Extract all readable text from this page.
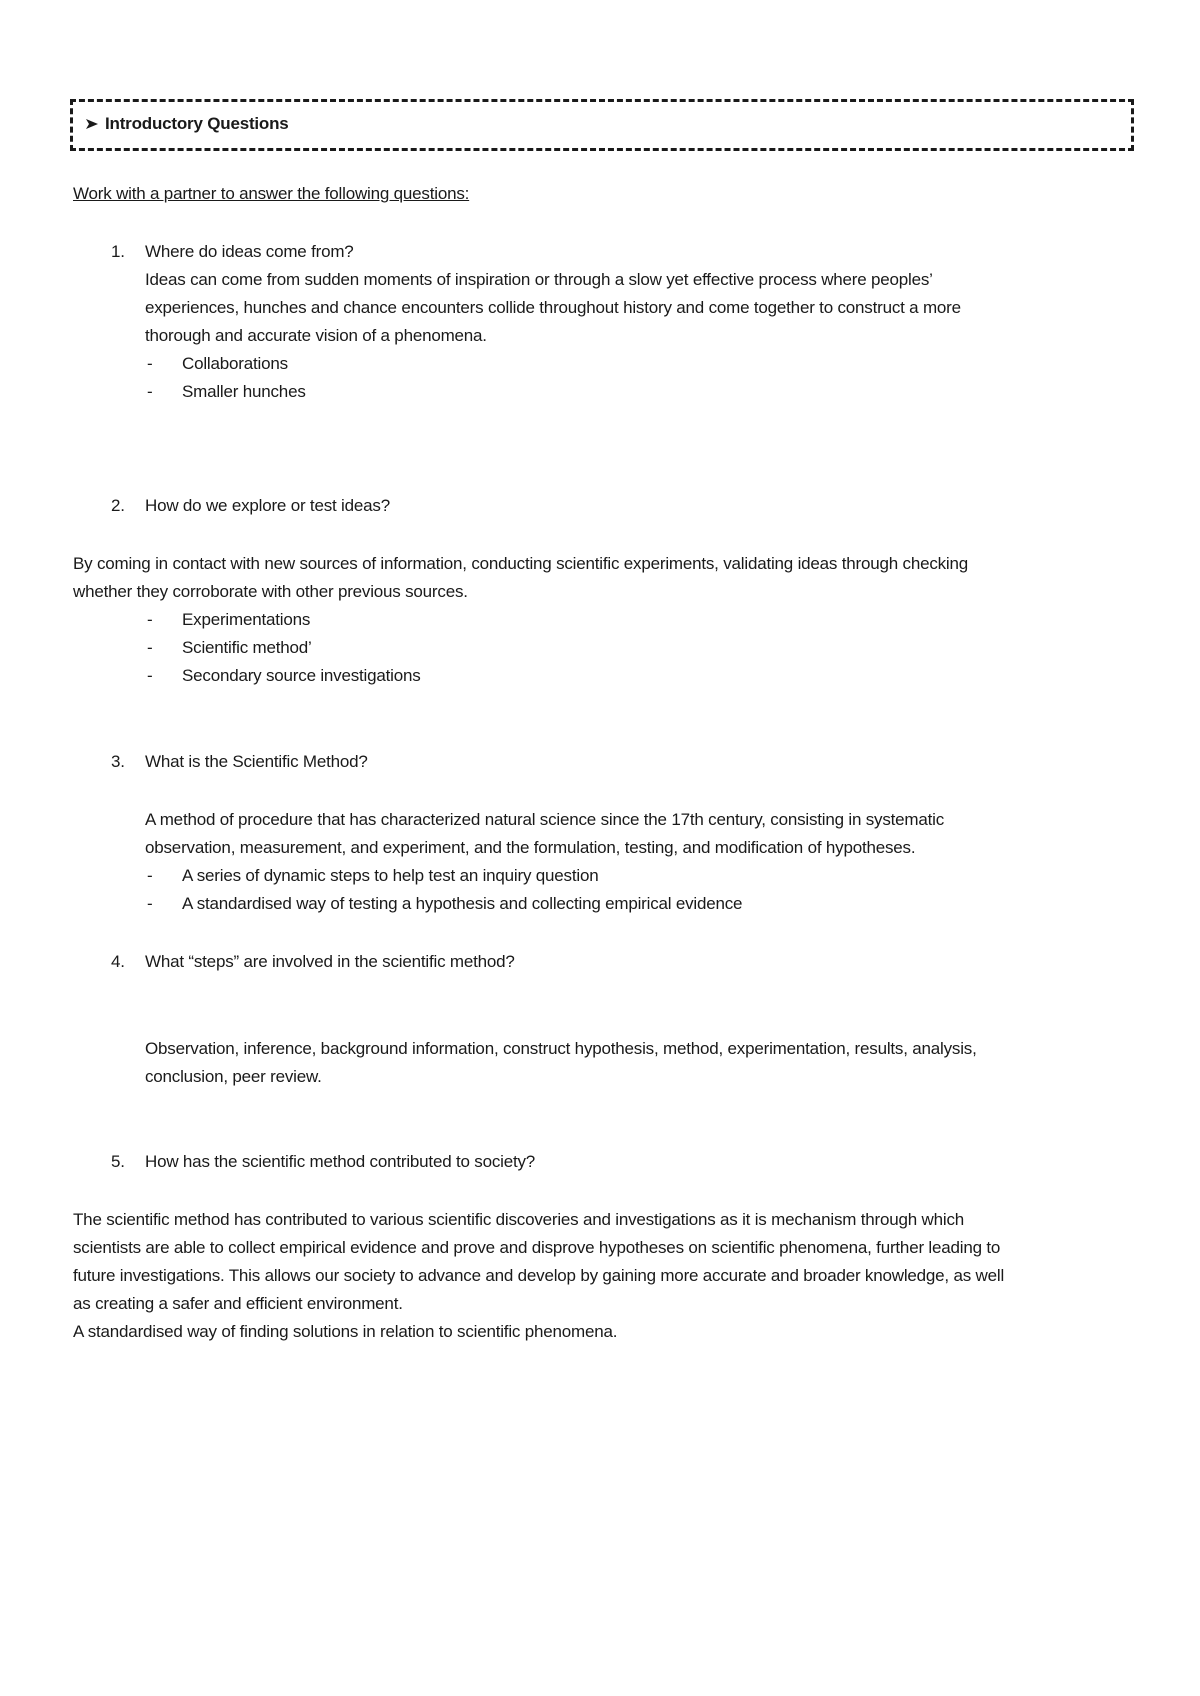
Introductory Questions
Work with a partner to answer the following questions:
1. Where do ideas come from?
Ideas can come from sudden moments of inspiration or through a slow yet effective process where peoples’
experiences, hunches and chance encounters collide throughout history and come together to construct a more
thorough and accurate vision of a phenomena.
- Collaborations
- Smaller hunches
2. How do we explore or test ideas?
By coming in contact with new sources of information, conducting scientific experiments, validating ideas through checking
whether they corroborate with other previous sources.
- Experimentations
- Scientific method’
- Secondary source investigations
3. What is the Scientific Method?
A method of procedure that has characterized natural science since the 17th century, consisting in systematic
observation, measurement, and experiment, and the formulation, testing, and modification of hypotheses.
- A series of dynamic steps to help test an inquiry question
- A standardised way of testing a hypothesis and collecting empirical evidence
4. What “steps” are involved in the scientific method?
Observation, inference, background information, construct hypothesis, method, experimentation, results, analysis,
conclusion, peer review.
5. How has the scientific method contributed to society?
The scientific method has contributed to various scientific discoveries and investigations as it is mechanism through which
scientists are able to collect empirical evidence and prove and disprove hypotheses on scientific phenomena, further leading to
future investigations. This allows our society to advance and develop by gaining more accurate and broader knowledge, as well
as creating a safer and efficient environment.
A standardised way of finding solutions in relation to scientific phenomena.
